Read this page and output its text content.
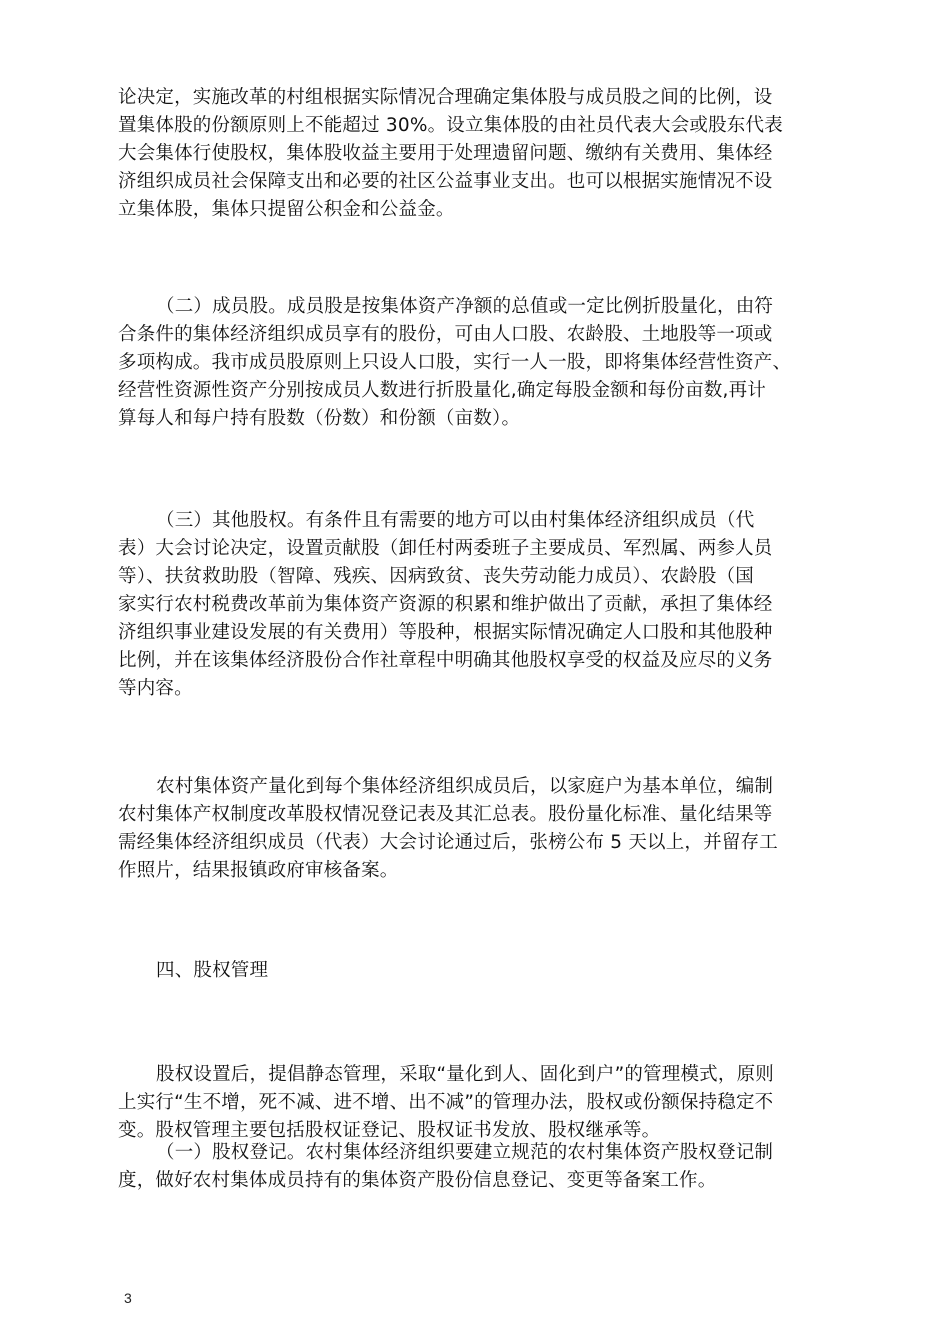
论决定，实施改革的村组根据实际情况合理确定集体股与成员股之间的比例，设
置集体股的份额原则上不能超过 30%。设立集体股的由社员代表大会或股东代表
大会集体行使股权，集体股收益主要用于处理遗留问题、缴纳有关费用、集体经
济组织成员社会保障支出和必要的社区公益事业支出。也可以根据实施情况不设
立集体股，集体只提留公积金和公益金。
（二）成员股。成员股是按集体资产净额的总值或一定比例折股量化，由符
合条件的集体经济组织成员享有的股份，可由人口股、农龄股、土地股等一项或
多项构成。我市成员股原则上只设人口股，实行一人一股，即将集体经营性资产、
经营性资源性资产分别按成员人数进行折股量化,确定每股金额和每份亩数,再计
算每人和每户持有股数（份数）和份额（亩数）。
（三）其他股权。有条件且有需要的地方可以由村集体经济组织成员（代
表）大会讨论决定，设置贡献股（卸任村两委班子主要成员、军烈属、两参人员
等）、扶贫救助股（智障、残疾、因病致贫、丧失劳动能力成员）、农龄股（国
家实行农村税费改革前为集体资产资源的积累和维护做出了贡献，承担了集体经
济组织事业建设发展的有关费用）等股种，根据实际情况确定人口股和其他股种
比例，并在该集体经济股份合作社章程中明确其他股权享受的权益及应尽的义务
等内容。
农村集体资产量化到每个集体经济组织成员后，以家庭户为基本单位，编制
农村集体产权制度改革股权情况登记表及其汇总表。股份量化标准、量化结果等
需经集体经济组织成员（代表）大会讨论通过后，张榜公布 5 天以上，并留存工
作照片，结果报镇政府审核备案。
四、股权管理
股权设置后，提倡静态管理，采取“量化到人、固化到户”的管理模式，原则
上实行“生不增，死不减、进不增、出不减”的管理办法，股权或份额保持稳定不
变。股权管理主要包括股权证登记、股权证书发放、股权继承等。
（一）股权登记。农村集体经济组织要建立规范的农村集体资产股权登记制
度，做好农村集体成员持有的集体资产股份信息登记、变更等备案工作。
3
